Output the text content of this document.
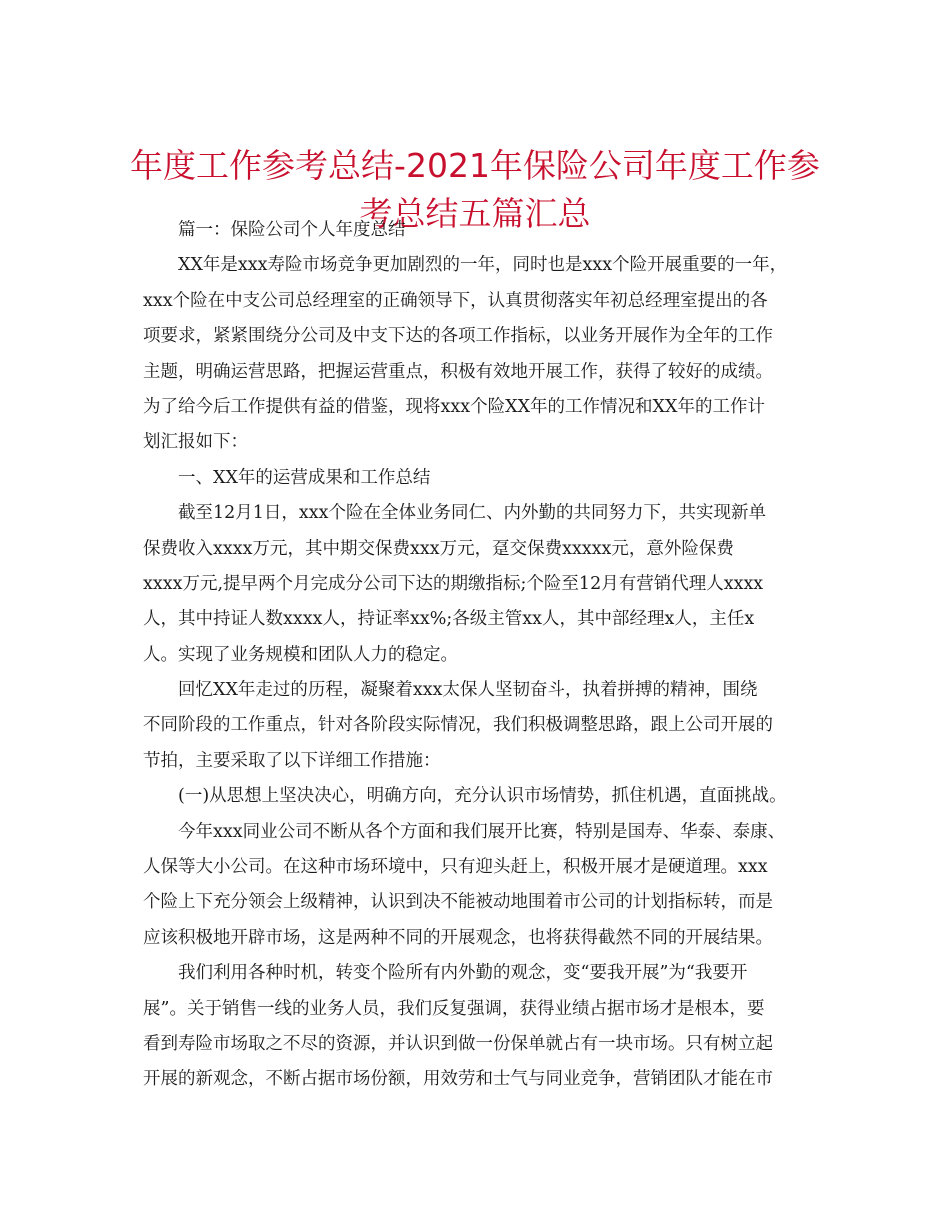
年度工作参考总结-2021年保险公司年度工作参
考总结五篇汇总
篇一：保险公司个人年度总结
XX年是xxx寿险市场竞争更加剧烈的一年，同时也是xxx个险开展重要的一年，
xxx个险在中支公司总经理室的正确领导下，认真贯彻落实年初总经理室提出的各
项要求，紧紧围绕分公司及中支下达的各项工作指标，以业务开展作为全年的工作
主题，明确运营思路，把握运营重点，积极有效地开展工作，获得了较好的成绩。
为了给今后工作提供有益的借鉴，现将xxx个险XX年的工作情况和XX年的工作计
划汇报如下：
一、XX年的运营成果和工作总结
截至12月1日，xxx个险在全体业务同仁、内外勤的共同努力下，共实现新单
保费收入xxxx万元，其中期交保费xxx万元，趸交保费xxxxx元，意外险保费
xxxx万元,提早两个月完成分公司下达的期缴指标;个险至12月有营销代理人xxxx
人，其中持证人数xxxx人，持证率xx%;各级主管xx人，其中部经理x人，主任x
人。实现了业务规模和团队人力的稳定。
回忆XX年走过的历程，凝聚着xxx太保人坚韧奋斗，执着拼搏的精神，围绕
不同阶段的工作重点，针对各阶段实际情况，我们积极调整思路，跟上公司开展的
节拍，主要采取了以下详细工作措施：
(一)从思想上坚决决心，明确方向，充分认识市场情势，抓住机遇，直面挑战。
今年xxx同业公司不断从各个方面和我们展开比赛，特别是国寿、华泰、泰康、
人保等大小公司。在这种市场环境中，只有迎头赶上，积极开展才是硬道理。xxx
个险上下充分领会上级精神，认识到决不能被动地围着市公司的计划指标转，而是
应该积极地开辟市场，这是两种不同的开展观念，也将获得截然不同的开展结果。
我们利用各种时机，转变个险所有内外勤的观念，变“要我开展”为“我要开
展”。关于销售一线的业务人员，我们反复强调，获得业绩占据市场才是根本，要
看到寿险市场取之不尽的资源，并认识到做一份保单就占有一块市场。只有树立起
开展的新观念，不断占据市场份额，用效劳和士气与同业竞争，营销团队才能在市
